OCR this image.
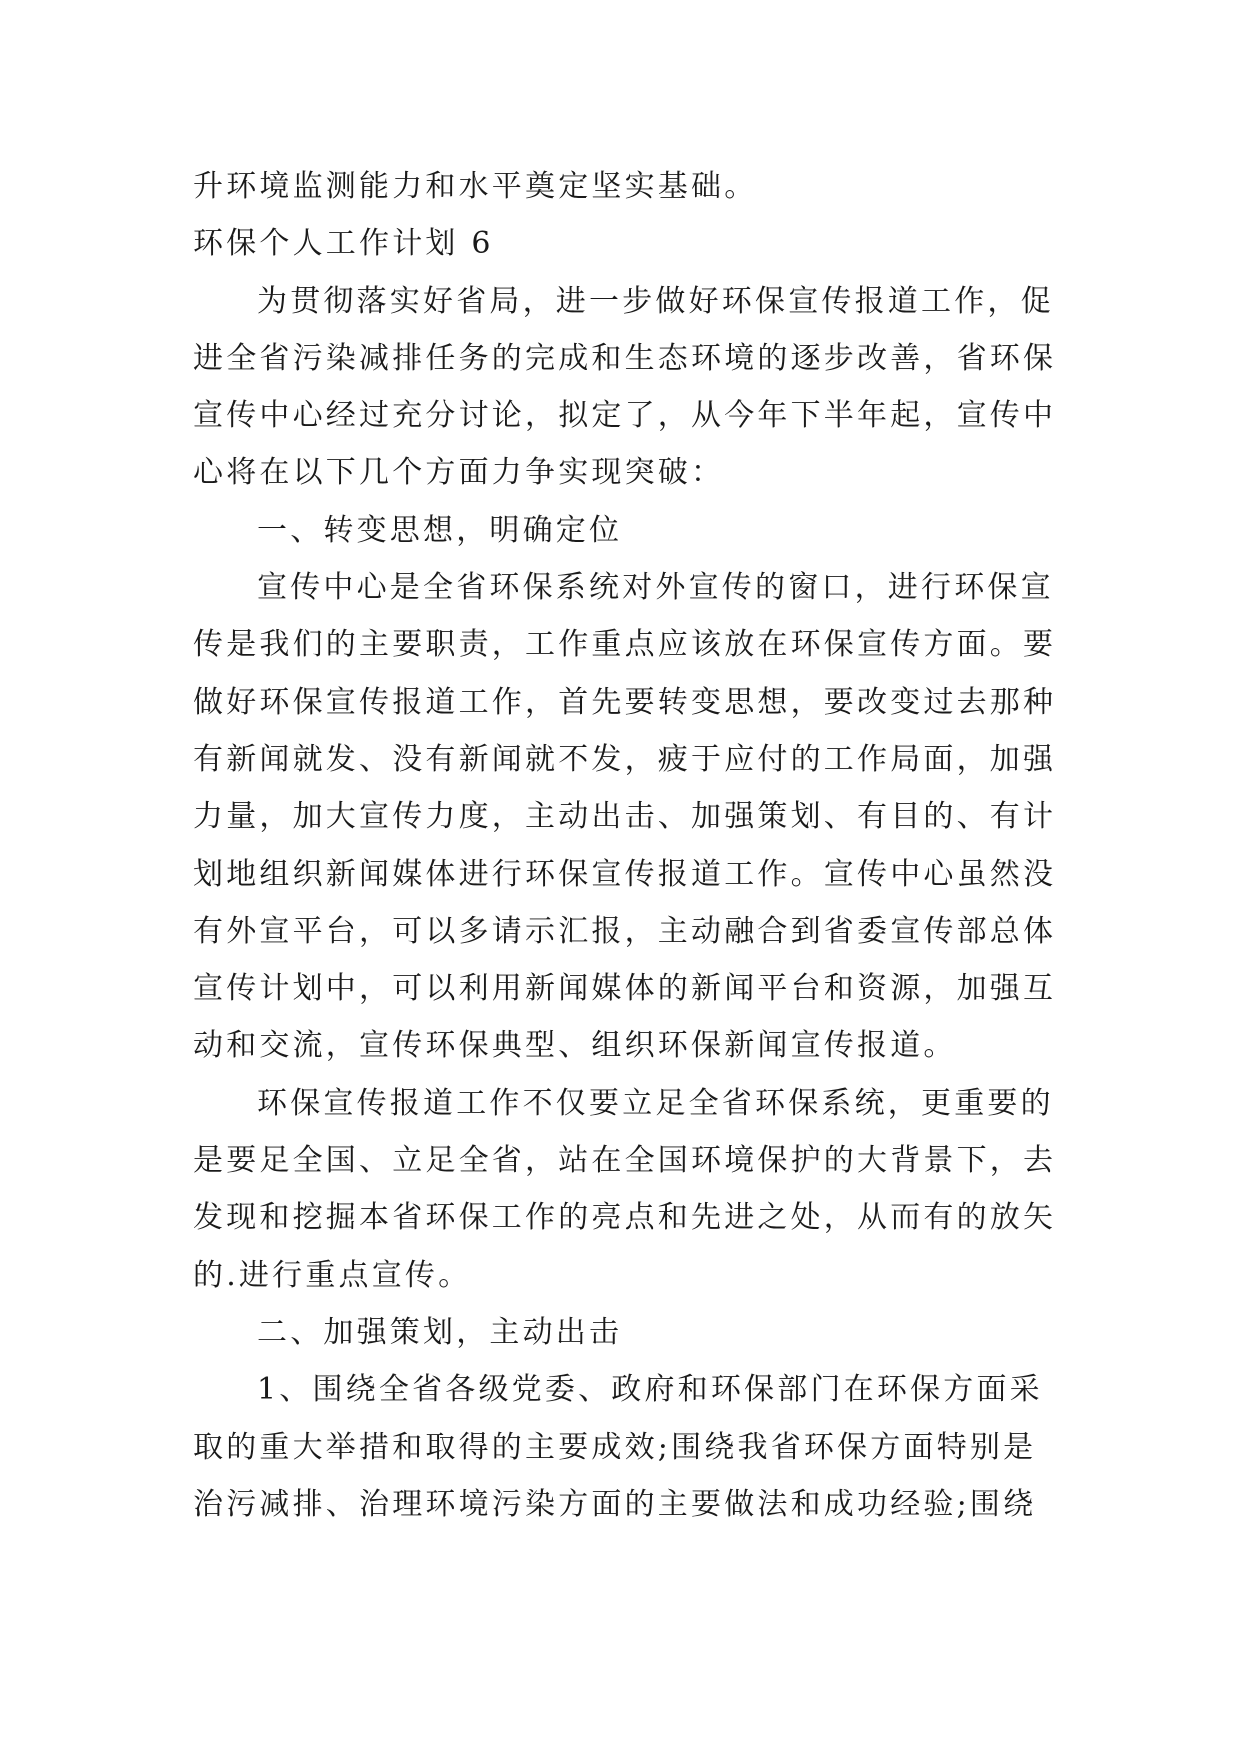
升环境监测能力和水平奠定坚实基础。
环保个人工作计划 6
为贯彻落实好省局，进一步做好环保宣传报道工作，促
进全省污染减排任务的完成和生态环境的逐步改善，省环保
宣传中心经过充分讨论，拟定了，从今年下半年起，宣传中
心将在以下几个方面力争实现突破：
一、转变思想，明确定位
宣传中心是全省环保系统对外宣传的窗口，进行环保宣
传是我们的主要职责，工作重点应该放在环保宣传方面。要
做好环保宣传报道工作，首先要转变思想，要改变过去那种
有新闻就发、没有新闻就不发，疲于应付的工作局面，加强
力量，加大宣传力度，主动出击、加强策划、有目的、有计
划地组织新闻媒体进行环保宣传报道工作。宣传中心虽然没
有外宣平台，可以多请示汇报，主动融合到省委宣传部总体
宣传计划中，可以利用新闻媒体的新闻平台和资源，加强互
动和交流，宣传环保典型、组织环保新闻宣传报道。
环保宣传报道工作不仅要立足全省环保系统，更重要的
是要足全国、立足全省，站在全国环境保护的大背景下，去
发现和挖掘本省环保工作的亮点和先进之处，从而有的放矢
的.进行重点宣传。
二、加强策划，主动出击
1、围绕全省各级党委、政府和环保部门在环保方面采
取的重大举措和取得的主要成效;围绕我省环保方面特别是
治污减排、治理环境污染方面的主要做法和成功经验;围绕
